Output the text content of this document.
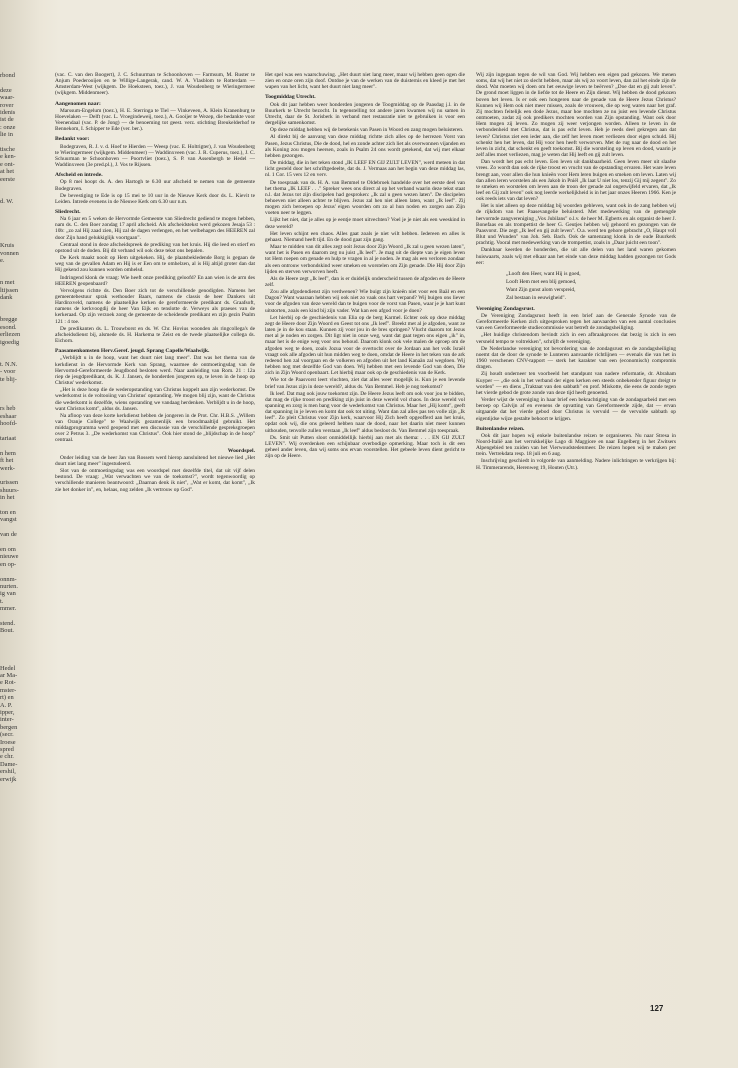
rbond

deze
waar-
rover
idenis
ist de
: onze
lie in

tische
e ken-
e ont-
at het
eerste

d. W.

Kruis
vonnen
e.

n met
ltijssen
dank

bregge
esond.
erliezen
igoedig

t. N.N.
- voor
te blij-

rs heb
eshaar
hoofd-

tariaat

n hem
ft het
werk-

urissen
shuurs-
in het

ton en
vangst

van de

en om
nieuwe
en op-

onnm-
nurten.
ig van
t.
mmer.

stend.
Bout.

Hedel
ar Ma-
e Rot-
mster-
rt) en
A. P.
ipper,
inter-
bergen
(secr.
Iroese
spred
e chr.
Dame-
ershil,
erwijk

(vac. C. van den Boogert), J. C. Schuurman te Schoonhoven — Farmsum, M. Ruster te Anjum Poederooijen en te Willige-Langerak, cand. W. A. Vlasblom te Rotterdam — Amsterdam-West (wijkgem. De Hoeksteen, toez.), J. van Woudenberg te Wieringermeer (wijkgem. Middenmeer).

Aangenomen naar:

Marssum-Engelum (toez.), H. E. Sterringa te Tiel — Vinkeveen, A. Klein Kranenburg te Hoevelaken — Delft (vac. L. Vroegindeweij, toez.), A. Gooijer te Wezep, die bedankte voor Veenendaal (vac. P. de Jong) — de benoeming tot geest. verz. stichting Breukelderhof te Bennekom, I. Schipper te Ede (ver. ber.).

Bedankt voor:

Bodegraven, R. J. v. d. Hoef te Hierden — Weesp (vac. E. Holtrigter), J. van Woudenberg te Wieringermeer (wijkgem. Middenmeer) — Waddinxveen (vac. J. R. Cuperus, toez.), J. C. Schuurman te Schoonhoven — Poortvliet (toez.), S. P. van Assenbergh te Hedel — Waddinxveen (3e pred.pl.), J. Vos te Rijssen.

Afscheid en intrede.

Op 8 mei hoopt ds. A. den Hartogh te 6.30 uur afscheid te nemen van de gemeente Bodegraven.

De bevestiging te Ede is op 15 mei te 10 uur in de Nieuwe Kerk door ds. L. Kievit te Leiden. Intrede evenens in de Nieuwe Kerk om 6.30 uur n.m.

Sliedrecht.

Na 6 jaar en 5 weken de Hervormde Gemeente van Sliedrecht gediend te mogen hebben, nam ds. C. den Boer zondag 17 april afscheid. Als afscheidstekst werd gekozen Jesaja 53 : 10b: „zo zal Hij zaad zien, Hij zal de dagen verlengen, en het welbehagen des HEEREN zal door Zijn hand gelukkiglijk voortgaan".

Centraal stond in deze afscheidspreek de prediking van het kruis. Hij die leed en stierf en opstond uit de doden. Bij dit verband wil ook deze tekst ons bepalen.

De Kerk maakt nooit op Hem uitgekeken. Hij, de plaatsbekledende Borg is gegaan de weg van de gevallen Adam en Hij is er Een om te omhelzen, al is Hij altijd groter dan dat Hij gekend zou kunnen worden omhelsd.

Indringend klonk de vraag: Wie heeft onze prediking geloofd? En aan wien is de arm des HEEREN geopenbaard?

Vervolgens richtte ds. Den Boer zich tot de verschillende genodigden. Namens het gemeentebestuur sprak wethouder Baars, namens de classis de heer Dankers uit Hardinxveld, namens de plaatselijke kerken de gereformeerde predikant ds. Graafsoft, namens de kerkvoogdij de heer Van Eijk en tenslotte dr. Verweys als praeses van de kerkeraad. Op zijn verzoek zong de gemeente de scheidende predikant en zijn gezin Psalm 121 : 4 toe.

De predikanten ds. L. Trouwborst en ds. W. Chr. Hovius woonden als ringcollega's de afscheidsdienst bij, alsmede ds. H. Harkema te Zeist en de twede plaatselijke collega ds. Eichorn.

Paasamenkomsten Herv.Geref. jeugd. Sprang Capelle/Waalwijk.

„Verblijdt u in de hoop, want het duurt niet lang meer". Dat was het thema van de kerkdienst in de Hervormde Kerk van Sprang, waarmee de ontmoetingsdag van de Hervormd-Gereformeerde Jeugdbond besloten werd. Naar aanleiding van Rom. 21 : 12a riep de jeugdpredikant, ds. K. J. Jansen, de honderden jongeren op, te leven in de hoop op Christus' wederkomst.

„Het is deze hoop die de wederopstanding van Christus koppelt aan zijn wederkomst. De wederkomst is de voltooiing van Christus' opstanding. We mogen blij zijn, want de Christus die wederkomt is dezelfde, wiens opstanding we vandaag herdenken. Verblijdt u in de hoop, want Christus komt", aldus ds. Jansen.

Na afloop van deze korte kerkdienst hebben de jongeren in de Prot. Chr. H.B.S. „Willem van Oranje College" te Waalwijk gezamenlijk een broodmaaltijd gebruikt. Het middagprogramma werd geopend met een discussie van de verschillende gespreksgroepen over 2 Petrus 3. „De wederkomst van Christus". Ook hier stond de „blijdschap in de hoop" centraal.

Woordspel.

Onder leiding van de heer Jan van Rossem werd hierop aansluitend het nieuwe lied „Het duurt niet lang meer" ingestudeerd.

Slot van de ontmoetingsdag was een woordspel met dezelfde titel, dat uit vijf delen bestond. De vraag: „Wat verwachten we van de toekomst?", wordt tegenwoordig op verschillende manieren beantwoord: „Daarnan denk ik niet", „Wat er komt, dat komt", „Ik zie het donker in", en, helaas, nog zelden „Ik vertrouw op God".

Het spel was een waarschuwing. „Het duurt niet lang meer, maar wij hebben geen ogen die zien en onze oren zijn doof. Ontdoe je van de werken van de duisternis en kleed je met het wapen van het licht, want het duurt niet lang meer".

Toogmiddag Utrecht.

Ook dit jaar hebben weer honderden jongeren de Toogmiddag op de Paasdag j.l. in de Buurkerk te Utrecht bezocht. In tegenstelling tot andere jaren kwamen wij nu samen in Utrecht, daar de St. Jorisberk in verband met restauratie niet te gebruiken is voor een dergelijke samenkomst.

Op deze middag hebben wij de betekenis van Pasen in Woord en zang mogen beluisteren.

Al direkt bij de aanvang van deze middag richtte zich alles op de herrezen Vorst van Pasen, Jezus Christus, Die de dood, hel en zonde achter zich liet als overwonnen vijanden en als Koning zou mogen heersen, zoals in Psalm 24 ons wordt getekend, dat wij met elkaar hebben gezongen.

De middag, die in het teken stond „IK LEEF EN GIJ ZULT LEVEN", werd meteen in dat licht gesteld door het schriftgedeelte, dat ds. J. Vermaas aan het begin van deze middag las, nl. 1 Cor. 15 vers 12 en verv.

De toespraak van ds. H. A. van Bemmel te Oldebroek handelde over het eerste deel van het thema „IK LEEF . . ." Spreker wees ons direct al op het verband waarin deze tekst staat n.l. dat Jezus tot zijn discipelen had gesproken: „Ik zal u geen wezen laten". De discipelen behoeven niet alleen achter te blijven. Jezus zal hen niet alleen laten, want „Ik leef". Zij mogen zich beroepen op Jezus' eigen woorden om zo al hun noden en zorgen aan Zijn voeten neer te leggen.

Lijkt het niet, dat je alles op je eentje moet uitvechten? Voel je je niet als een weeskind in deze wereld?

Het leven schijnt een chaos. Alles gaat zoals je niet wilt hebben. Iedereen en alles is gehaast. Niemand heeft tijd. En de dood gaat zijn gang.

Maar te midden van dit alles zegt ooit Jezus door Zijn Woord „Ik zal u geen wezen laten", want het is Pasen en daarom zeg nu juist „Ik leef". Je mag uit de diepte van je eigen leven tot Hem roepen om genade en hulp te vragen in al je noden. Je mag als een verloren zondaar als een ontrouw verbondskind weer smeken en worstelen om Zijn genade. Die Hij door Zijn lijden en sterven verworven heeft.

Als de Heere zegt „Ik leef", dan is er duidelijk onderscheid tussen de afgoden en de Heere zelf.

Zou alle afgodendienst zijn verdwenen? Wie buigt zijn knieën niet voor een Baäl en een Dagon? Want waaraan hebben wij ook niet zo vaak ons hart verpand? Wij buigen ons liever voor de afgoden van deze wereld dan te buigen voor de vorst van Pasen, waar je je hart kunt uitstorten, zoals een kind bij zijn vader. Wat kan een afgod voor je doen?

Let hierbij op de geschiedenis van Elia op de berg Karmel. Echter ook op deze middag zegt de Heere door Zijn Woord en Geest tot ons „Ik leef". Breekt met al je afgoden, want ze laten je in de kou staan. Kunnen zij voor jou in de bres springen? Vlucht daarom tot Jezus met al je noden en zorgen. Dit ligt niet in onze weg, want dat gaat tegen ons eigen „ik" in, maar het is de enige weg voor ons behoud. Daarom klonk ook vele malen de oproep om de afgoden weg te doen, zoals Jozua voor de overtocht over de Jordaan aan het volk Israël vraagt ook alle afgoden uit hun midden weg te doen, omdat de Heere in het teken van de ark redeend hen zal voorgaan en de volkeren en afgoden uit het land Kanaän zal wegdoen. Wij hebben nog met dezelfde God van doen. Wij hebben met een levende God van doen, Die zich in Zijn Woord openbaart. Let hierbij maar ook op de geschiedenis van de Kerk.

Wie tot de Paasvorst leert vluchten, ziet dat alles weer mogelijk is. Kun je een levende brief van Jezus zijn in deze wereld?, aldus ds. Van Bemmel. Heb je nog toekomst?

Ik leef. Dat mag ook jouw toekomst zijn. De Heere Jezus leeft om ook voor jou te bidden, dat mag de rijke troost en prediking zijn juist in deze wereld vol chaos. In deze wereld vol spanning en zorg is men bang voor de wederkomst van Christus. Maar het „Hij komt", geeft dat spanning in je leven en komt dat ook tot uiting. Want dan zal alles pas ten volle zijn „Ik leef". Zo pleit Christus voor Zijn kerk, waarvoor Hij Zich heeft opgeofferd aan het kruis, opdat ook wij, die ons geleerd hebben naar de dood, naar het daarin niet meer kunnen uithouden, tenvolle zullen verstaan „Ik leef" aldus besloot ds. Van Bemmel zijn toespraak.

Ds. Smit uit Putten sloot onmiddellijk hierbij aan met als thema: . . . EN GIJ ZULT LEVEN". Wij overdenken een schijnbaar overbodige opmerking. Maar toch is dit een geheel ander leven, dan wij soms ons ervan voorstellen. Het gebeele leven dient gericht te zijn op de Heere.

Wij zijn ingegaan tegen de wil van God. Wij hebben een eigen pad gekozen. We menen soms, dat wij het niet zo slecht hebben, maar als wij zo voort leven, dan zal het einde zijn de dood. Wat moeten wij doen om het eeuwige leven te beërven? „Doe dat en gij zult leven". De grond moet liggen in de liefde tot de Heere en Zijn dienst. Wij hebben de dood gekozen boven het leven. Is er ook een hongeren naar de genade van de Heere Jezus Christus? Kunnen wij Hem ook niet meer missen, zoals de vrouwen, die op weg waren naar het graf. Zij mochten feitelijk een dode Jezus, maar hoe mochten ze nu juist een levende Christus ontmoeten, zodat zij ook predikers mochten worden van Zijn opstanding. Want ook door Hem mogen zij leven. Zo mogen zij weer verjongen worden. Alleen te leven in de verbondenheid met Christus, dat is pas echt leven. Heb je reeds deel gekregen aan dat leven? Christus ziet een ieder aan, die zelf het leven moet verliezen door eigen schuld. Hij schenkt hen het leven, dat Hij voor hen heeft verworven. Met de rug naar de dood en het leven in zicht, dat schenkt en geeft toekomst. Bij die worsteling op leven en dood, waarin je zelf alles moet verliezen, mag je weten dat Hij leeft en gij zult leven.

Dan wordt het pas echt leven. Een leven uit dankbaarheid. Geen leven meer uit slaafse vrees. Zo wordt dan ook de rijke troost en vrucht van de opstanding ervaren. Het ware leven brengt aan, voor allen die hun knieën voor Hem leren buigen en smeken om leven. Laten wij dan allen leren worstelen als een Jakob in Pniël „Ik laat U niet los, tenzij Gij mij zegent". Zo te smeken en worstelen om leven aan de troon der genade zal ongetwijfeld ervaren, dat „Ik leef en Gij zult leven" ook nog leerde werkelijkheid is in het jaar onzes Heeren 1966. Ken je ook reeds iets van dat leven?

Het is niet alleen op deze middag bij woorden gebleven, want ook in de zang hebben wij de rijkdom van het Paasevangelie beluisterd. Met medewerking van de gemengde hervormde zangvereniging „Vox Jubilans" o.l.v. de heer M. Egberts en als organist de heer J. Bonefaas en als trompettist de heer G. Geutjes hebben wij gehoord en gezongen van de Paasvorst. Die zegt „Ik leef en gij zult leven". O.a. werd ten gehore gebracht „O, Haupt voll Blut und Wunden" van Joh. Seb. Bach. Ook de samenzang klonk in de oude Buurkerk prachtig. Vooral met medewerking van de trompettist, zoals in „Daar juicht een toon".

Dankbaar keerden de honderden, die uit alle delen van het land waren gekomen huiswaarts, zoals wij met elkaar aan het einde van deze middag hadden gezongen tot Gods eer:

„Looft den Heer, want Hij is goed,
Looft Hem met een blij gemoed,
Want Zijn gunst alom verspreid,
Zal bestaan in eeuwigheid".
Vereniging Zondagsrust.

De Vereniging Zondagsrust heeft in een brief aan de Generale Synode van de Gereformeerde Kerken zich uitgesproken tegen het aanvaarden van een aantal conclusies van een Gereformeerde studiecommissie wat betreft de zondagsheiliging.

„Het huidige christendom bevindt zich in een afbraakproces dat bezig is zich in een versneld tempo te voltrekken", schrijft de vereniging.

De Nederlandse vereniging tot bevordering van de zondagsrust en de zondagsheiliging noemt dat de door de synode te Lunteren aanvaarde richtlijnen — evenals die van het in 1960 verschenen CNV-rapport — sterk het karakter van een (economisch) compromis dragen.

Zij houdt onderneer ten voorbeeld het standpunt van nadere reformatie, dr. Abraham Kuyper — „die ook in het verband der eigen kerken een steeds onbekender figuur dreigt te worden" — en diens „Traktaat van den sabbath" en prof. Miskotte, die eens de zonde tegen het vierde gebod de grote zonde van deze tijd heeft genoemd.

Verder wijst de vereniging in haar brief een bekrachtiging van de zondagsarbeid met een beroep op Calvijn af en evenens de opvatting van Gereformeerde zijde, dat — ervan uitgaande dat het vierde gebod door Christus is vervuld — de vervulde sabbath op eigentijdse wijze gestalte behoort te krijgen.

Buitenlandse reizen.

Ook dit jaar hopen wij enkele buitenlandse reizen te organiseren. Nu naar Stresa in Noord-Italië aan het verrukkelijke Lago di Maggiore en naar Engelberg in het Zwitsers Alpengebied ten zuiden van het Vierwoudstedenmeer. De reizen hopen wij te maken per trein. Vertrekdata resp. 18 juli en 6 aug.

Inschrijving geschiedt in volgorde van aanmelding. Nadere inlichtingen te verkrijgen bij: H. Timmerarends, Herenweg 19, Houten (Utr.).

127
